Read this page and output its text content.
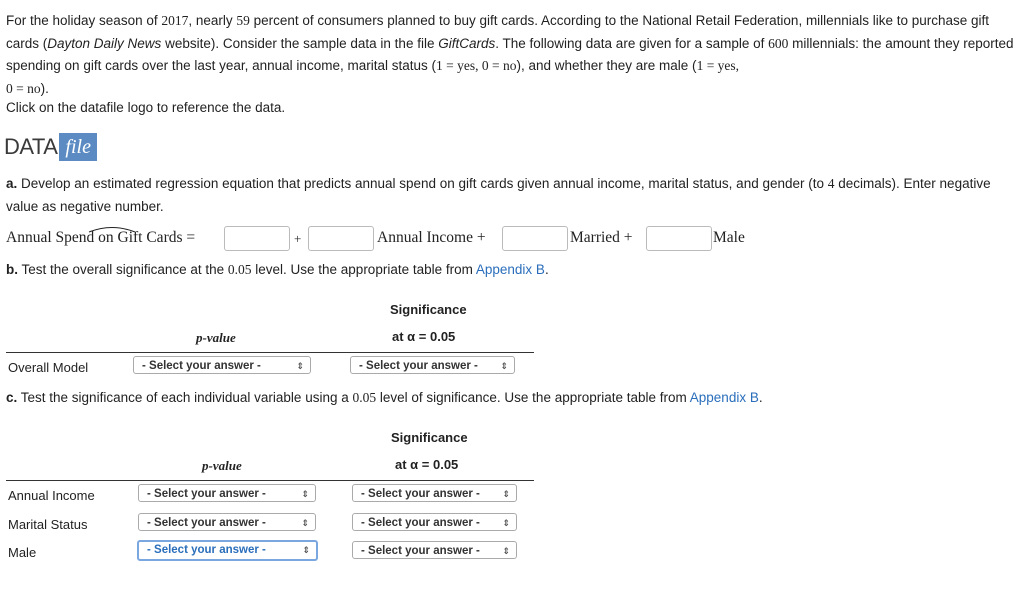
For the holiday season of 2017, nearly 59 percent of consumers planned to buy gift cards. According to the National Retail Federation, millennials like to purchase gift cards (Dayton Daily News website). Consider the sample data in the file GiftCards. The following data are given for a sample of 600 millennials: the amount they reported spending on gift cards over the last year, annual income, marital status (1 = yes, 0 = no), and whether they are male (1 = yes,
0 = no).

Click on the datafile logo to reference the data.

DATA file

a. Develop an estimated regression equation that predicts annual spend on gift cards given annual income, marital status, and gender (to 4 decimals). Enter negative value as negative number.

Annual Spend on Gift Cards =	+	Annual Income +	Married +	Male

b. Test the overall significance at the 0.05 level. Use the appropriate table from Appendix B.

Significance
p-value	at α = 0.05
Overall Model	- Select your answer -	⇕	- Select your answer -	⇕

c. Test the significance of each individual variable using a 0.05 level of significance. Use the appropriate table from Appendix B.

Significance
p-value	at α = 0.05
Annual Income	- Select your answer -	⇕	- Select your answer -	⇕
Marital Status	- Select your answer -	⇕	- Select your answer -	⇕
Male	- Select your answer -	⇕	- Select your answer -	⇕
